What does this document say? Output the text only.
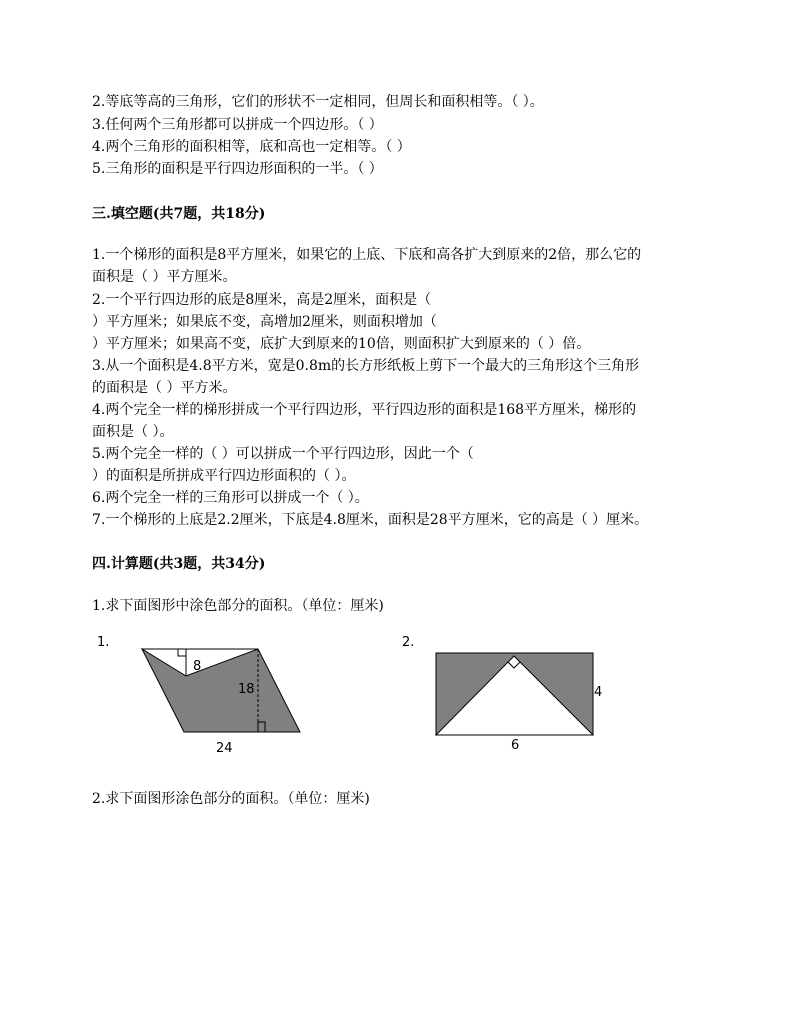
2.等底等高的三角形，它们的形状不一定相同，但周长和面积相等。（ ）。
3.任何两个三角形都可以拼成一个四边形。（ ）
4.两个三角形的面积相等，底和高也一定相等。（ ）
5.三角形的面积是平行四边形面积的一半。（ ）
三.填空题(共7题，共18分)
1.一个梯形的面积是8平方厘米，如果它的上底、下底和高各扩大到原来的2倍，那么它的
面积是（ ）平方厘米。
2.一个平行四边形的底是8厘米，高是2厘米，面积是（
）平方厘米；如果底不变，高增加2厘米，则面积增加（
）平方厘米；如果高不变，底扩大到原来的10倍，则面积扩大到原来的（ ）倍。
3.从一个面积是4.8平方米，宽是0.8m的长方形纸板上剪下一个最大的三角形这个三角形
的面积是（ ）平方米。
4.两个完全一样的梯形拼成一个平行四边形，平行四边形的面积是168平方厘米，梯形的
面积是（ ）。
5.两个完全一样的（ ）可以拼成一个平行四边形，因此一个（
）的面积是所拼成平行四边形面积的（ ）。
6.两个完全一样的三角形可以拼成一个（ ）。
7.一个梯形的上底是2.2厘米，下底是4.8厘米，面积是28平方厘米，它的高是（ ）厘米。
四.计算题(共3题，共34分)
1.求下面图形中涂色部分的面积。（单位：厘米)
1.
8
18
24
2.
4
6
2.求下面图形涂色部分的面积。（单位：厘米)
